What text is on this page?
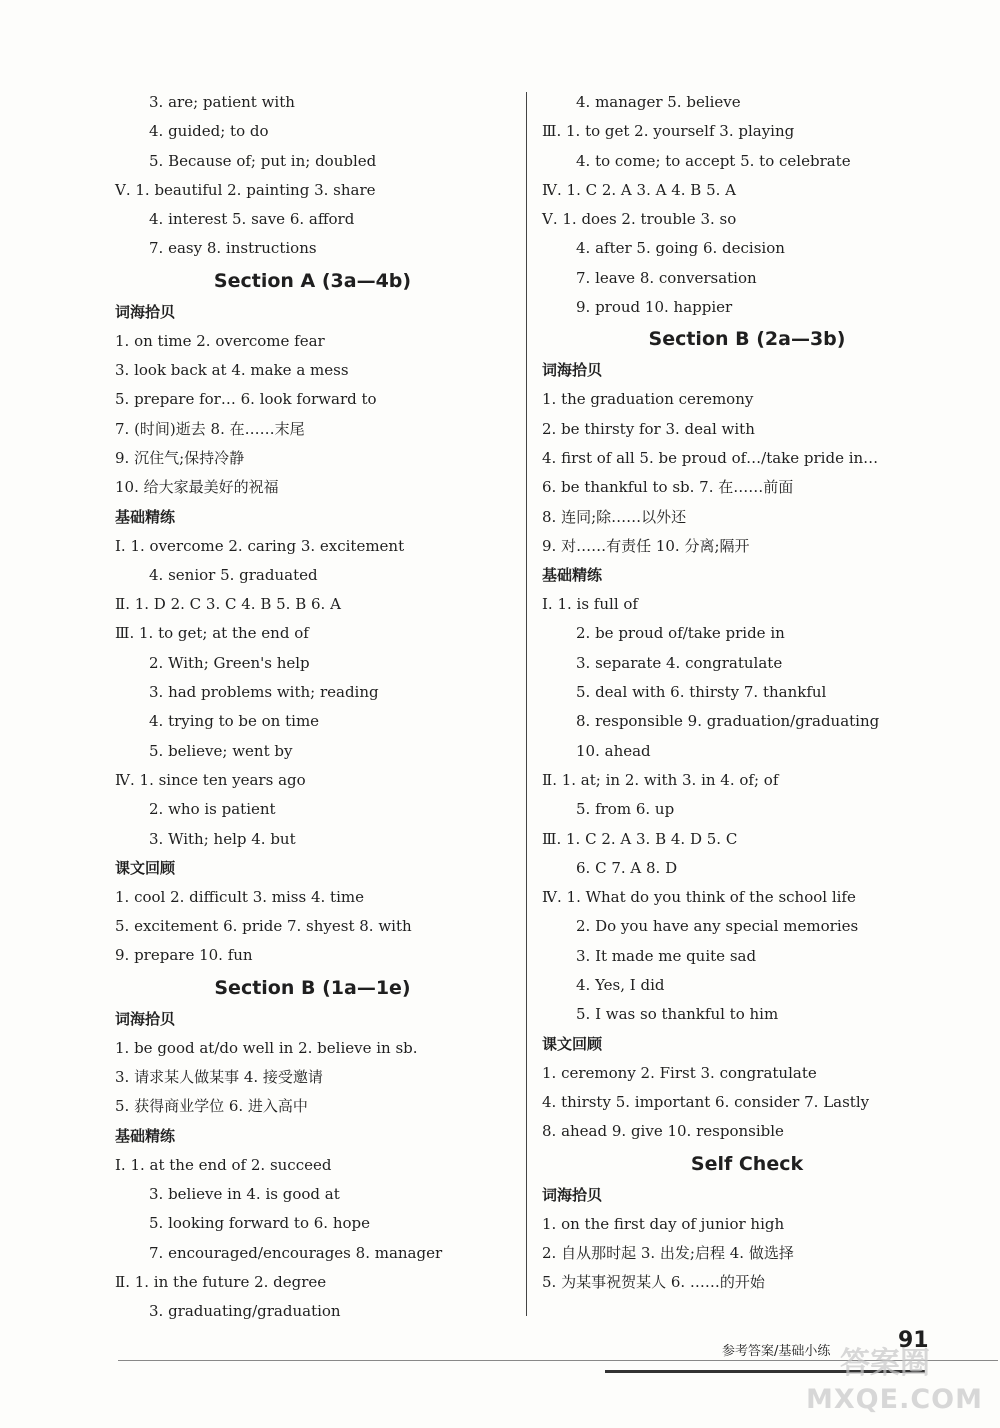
3. are; patient with
4. guided; to do
5. Because of; put in; doubled
Ⅴ. 1. beautiful 2. painting 3. share
4. interest 5. save 6. afford
7. easy 8. instructions
Section A (3a—4b)
词海拾贝
1. on time 2. overcome fear
3. look back at 4. make a mess
5. prepare for… 6. look forward to
7. (时间)逝去 8. 在……末尾
9. 沉住气;保持冷静
10. 给大家最美好的祝福
基础精练
Ⅰ. 1. overcome 2. caring 3. excitement
4. senior 5. graduated
Ⅱ. 1. D 2. C 3. C 4. B 5. B 6. A
Ⅲ. 1. to get; at the end of
2. With; Green's help
3. had problems with; reading
4. trying to be on time
5. believe; went by
Ⅳ. 1. since ten years ago
2. who is patient
3. With; help 4. but
课文回顾
1. cool 2. difficult 3. miss 4. time
5. excitement 6. pride 7. shyest 8. with
9. prepare 10. fun
Section B (1a—1e)
词海拾贝
1. be good at/do well in 2. believe in sb.
3. 请求某人做某事 4. 接受邀请
5. 获得商业学位 6. 进入高中
基础精练
Ⅰ. 1. at the end of 2. succeed
3. believe in 4. is good at
5. looking forward to 6. hope
7. encouraged/encourages 8. manager
Ⅱ. 1. in the future 2. degree
3. graduating/graduation
4. manager 5. believe
Ⅲ. 1. to get 2. yourself 3. playing
4. to come; to accept 5. to celebrate
Ⅳ. 1. C 2. A 3. A 4. B 5. A
Ⅴ. 1. does 2. trouble 3. so
4. after 5. going 6. decision
7. leave 8. conversation
9. proud 10. happier
Section B (2a—3b)
词海拾贝
1. the graduation ceremony
2. be thirsty for 3. deal with
4. first of all 5. be proud of…/take pride in…
6. be thankful to sb. 7. 在……前面
8. 连同;除……以外还
9. 对……有责任 10. 分离;隔开
基础精练
Ⅰ. 1. is full of
2. be proud of/take pride in
3. separate 4. congratulate
5. deal with 6. thirsty 7. thankful
8. responsible 9. graduation/graduating
10. ahead
Ⅱ. 1. at; in 2. with 3. in 4. of; of
5. from 6. up
Ⅲ. 1. C 2. A 3. B 4. D 5. C
6. C 7. A 8. D
Ⅳ. 1. What do you think of the school life
2. Do you have any special memories
3. It made me quite sad
4. Yes, I did
5. I was so thankful to him
课文回顾
1. ceremony 2. First 3. congratulate
4. thirsty 5. important 6. consider 7. Lastly
8. ahead 9. give 10. responsible
Self Check
词海拾贝
1. on the first day of junior high
2. 自从那时起 3. 出发;启程 4. 做选择
5. 为某事祝贺某人 6. ……的开始
参考答案/基础小练	91
答案圈
MXQE.COM
